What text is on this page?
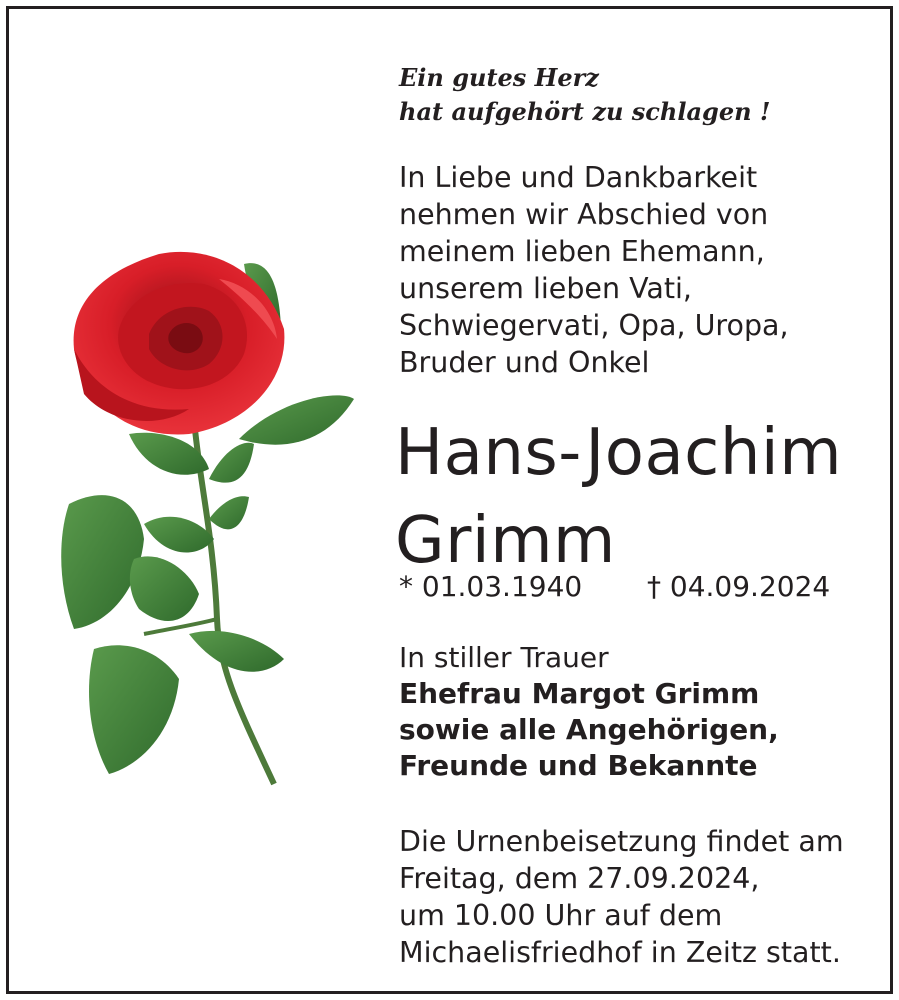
Ein gutes Herz
hat aufgehört zu schlagen !
In Liebe und Dankbarkeit
nehmen wir Abschied von
meinem lieben Ehemann,
unserem lieben Vati,
Schwiegervati, Opa, Uropa,
Bruder und Onkel
Hans-Joachim
Grimm
* 01.03.1940 † 04.09.2024
In stiller Trauer
Ehefrau Margot Grimm
sowie alle Angehörigen,
Freunde und Bekannte
Die Urnenbeisetzung findet am
Freitag, dem 27.09.2024,
um 10.00 Uhr auf dem
Michaelisfriedhof in Zeitz statt.
